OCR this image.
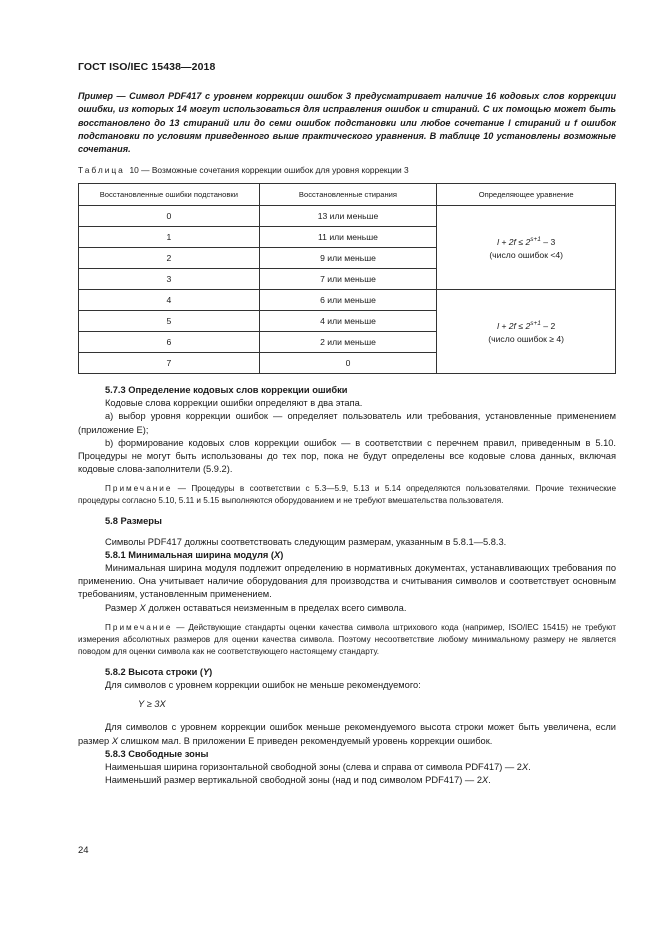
ГОСТ ISO/IEC 15438—2018

Пример — Символ PDF417 с уровнем коррекции ошибок 3 предусматривает наличие 16 кодовых слов коррекции ошибки, из которых 14 могут использоваться для исправления ошибок и стираний. С их помощью может быть восстановлено до 13 стираний или до семи ошибок подстановки или любое сочетание l стираний и f ошибок подстановки по условиям приведенного выше практического уравнения. В таблице 10 установлены возможные сочетания.

Таблица 10 — Возможные сочетания коррекции ошибок для уровня коррекции 3
Восстановленные ошибки подстановки	Восстановленные стирания	Определяющее уравнение
0	13 или меньше	$l + 2f \le 2^{s+1} - 3$
(число ошибок <4)

1	11 или меньше	
2	9 или меньше	
3	7 или меньше	
4	6 или меньше	$l + 2f \le 2^{s+1} - 2$
(число ошибок ≥ 4)

5	4 или меньше	
6	2 или меньше	
7	0	

5.7.3 Определение кодовых слов коррекции ошибки

Кодовые слова коррекции ошибки определяют в два этапа.

а) выбор уровня коррекции ошибок — определяет пользователь или требования, установленные применением (приложение Е);

b) формирование кодовых слов коррекции ошибок — в соответствии с перечнем правил, приведенным в 5.10. Процедуры не могут быть использованы до тех пор, пока не будут определены все кодовые слова данных, включая кодовые слова-заполнители (5.9.2).

Примечание — Процедуры в соответствии с 5.3—5.9, 5.13 и 5.14 определяются пользователями. Прочие технические процедуры согласно 5.10, 5.11 и 5.15 выполняются оборудованием и не требуют вмешательства пользователя.

5.8 Размеры

Символы PDF417 должны соответствовать следующим размерам, указанным в 5.8.1—5.8.3.

5.8.1 Минимальная ширина модуля (X)

Минимальная ширина модуля подлежит определению в нормативных документах, устанавливающих требования по применению. Она учитывает наличие оборудования для производства и считывания символов и соответствует основным требованиям, установленным применением.

Размер X должен оставаться неизменным в пределах всего символа.

Примечание — Действующие стандарты оценки качества символа штрихового кода (например, ISO/IEC 15415) не требуют измерения абсолютных размеров для оценки качества символа. Поэтому несоответствие любому минимальному размеру не является поводом для оценки символа как не соответствующего настоящему стандарту.

5.8.2 Высота строки (Y)

Для символов с уровнем коррекции ошибок не меньше рекомендуемого:

Y ≥ 3X

Для символов с уровнем коррекции ошибок меньше рекомендуемого высота строки может быть увеличена, если размер X слишком мал. В приложении Е приведен рекомендуемый уровень коррекции ошибок.

5.8.3 Свободные зоны

Наименьшая ширина горизонтальной свободной зоны (слева и справа от символа PDF417) — 2X.

Наименьший размер вертикальной свободной зоны (над и под символом PDF417) — 2X.

24
